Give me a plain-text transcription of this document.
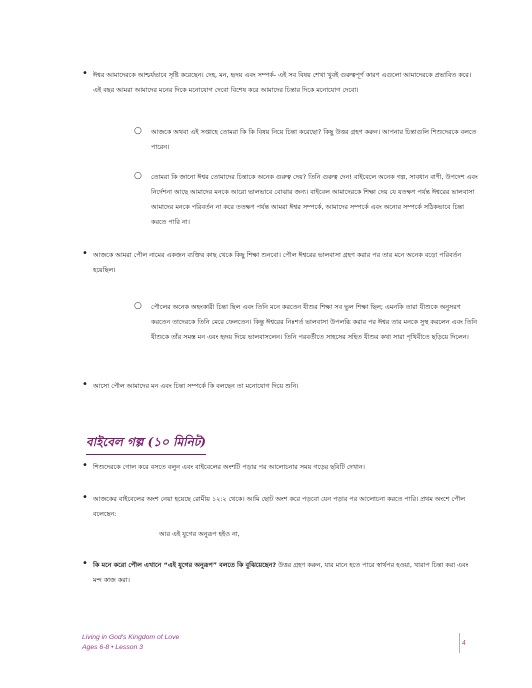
• ঈশ্বর আমাদেরকে আশ্চর্যভাবে সৃষ্টি করেছেন। দেহ, মন, হৃদয় এবং সম্পর্ক- এই সব বিষয় শেখা খুবই গুরুত্বপূর্ণ কারণ এগুলো আমাদেরকে প্রভাবিত করে। এই বছর আমরা আমাদের মনের দিকে মনোযোগ দেবো বিশেষ করে আমাদের চিন্তার দিকে মনোযোগ দেবো।
○ আজকে অথবা এই সপ্তাহে তোমরা কি কি বিষয় নিয়ে চিন্তা করেছো? কিছু উত্তর গ্রহণ করুন। আপনার চিন্তাগুলি শিশুদেরকে বলতে পারেন।
○ তোমরা কি জানো ঈশ্বর তোমাদের চিন্তাকে অনেক গুরুত্ব দেয়? তিনি গুরুত্ব দেন! বাইবেলে অনেক গল্প, সাবধান বাণী, উপদেশ এবং নির্দেশনা আছে আমাদের মনকে আরো ভালভাবে বোঝার জন্য। বাইবেল আমাদেরকে শিক্ষা দেয় যে যতক্ষণ পর্যন্ত ঈশ্বরের ভালবাসা আমাদের মনকে পরিবর্তন না করে ততক্ষণ পর্যন্ত আমরা ঈশ্বর সম্পর্কে, আমাদের সম্পর্কে এবং অন্যের সম্পর্কে সঠিকভাবে চিন্তা করতে পারি না।
• আজকে আমরা পৌল নামের একজন ব্যক্তির কাছ থেকে কিছু শিক্ষা শুনবো। পৌল ঈশ্বরের ভালবাসা গ্রহণ করার পর তার মনে অনেক বড়ো পরিবর্তন হয়েছিল।
○ পৌলের অনেক অহংকারী চিন্তা ছিল এবং তিনি মনে করতেন যীশুর শিক্ষা সব ভুল শিক্ষা ছিল; এমনকি তারা যীশুকে অনুসরণ করতেন তাদেরকে তিনি মেরে ফেলতেন। কিন্তু ঈশ্বরের নিঃশর্ত ভালবাসা উপলব্ধি করার পর ঈশ্বর তার মনকে সুস্থ করলেন এবং তিনি যীশুকে তাঁর সমস্ত মন এবং হৃদয় দিয়ে ভালবাসলেন। তিনি পরবর্তীতে সাহসের সহিত যীশুর কথা সারা পৃথিবীতে ছড়িয়ে দিলেন।
• আসো পৌল আমাদের মন এবং চিন্তা সম্পর্কে কি বলছেন তা মনোযোগ দিয়ে শুনি।
বাইবেল গল্প (১০ মিনিট)
• শিশুদেরকে গোল করে বসতে বলুন এবং বাইবেলের অংশটি পড়ার পর আলোচনার সময় গড়ের ছবিটি দেখান।
• আজকের বাইবেলের অংশ নেয়া হয়েছে রোমীয় ১২:২ থেকে। আমি ছোট অংশ করে পড়বো যেন পড়ার পর আলোচনা করতে পারি। প্রথম অংশে পৌল বলেছেন:
আর এই যুগের অনুরূপ হইও না,
• কি মনে করো পৌল এখানে “এই যুগের অনুরূপ” বলতে কি বুঝিয়েছেন? উত্তর গ্রহণ করুন, যার মানে হতে পারে স্বার্থপর হওয়া, খারাপ চিন্তা করা এবং মন্দ কাজ করা।
Living in God's Kingdom of Love
Ages 6-8 • Lesson 3
4
